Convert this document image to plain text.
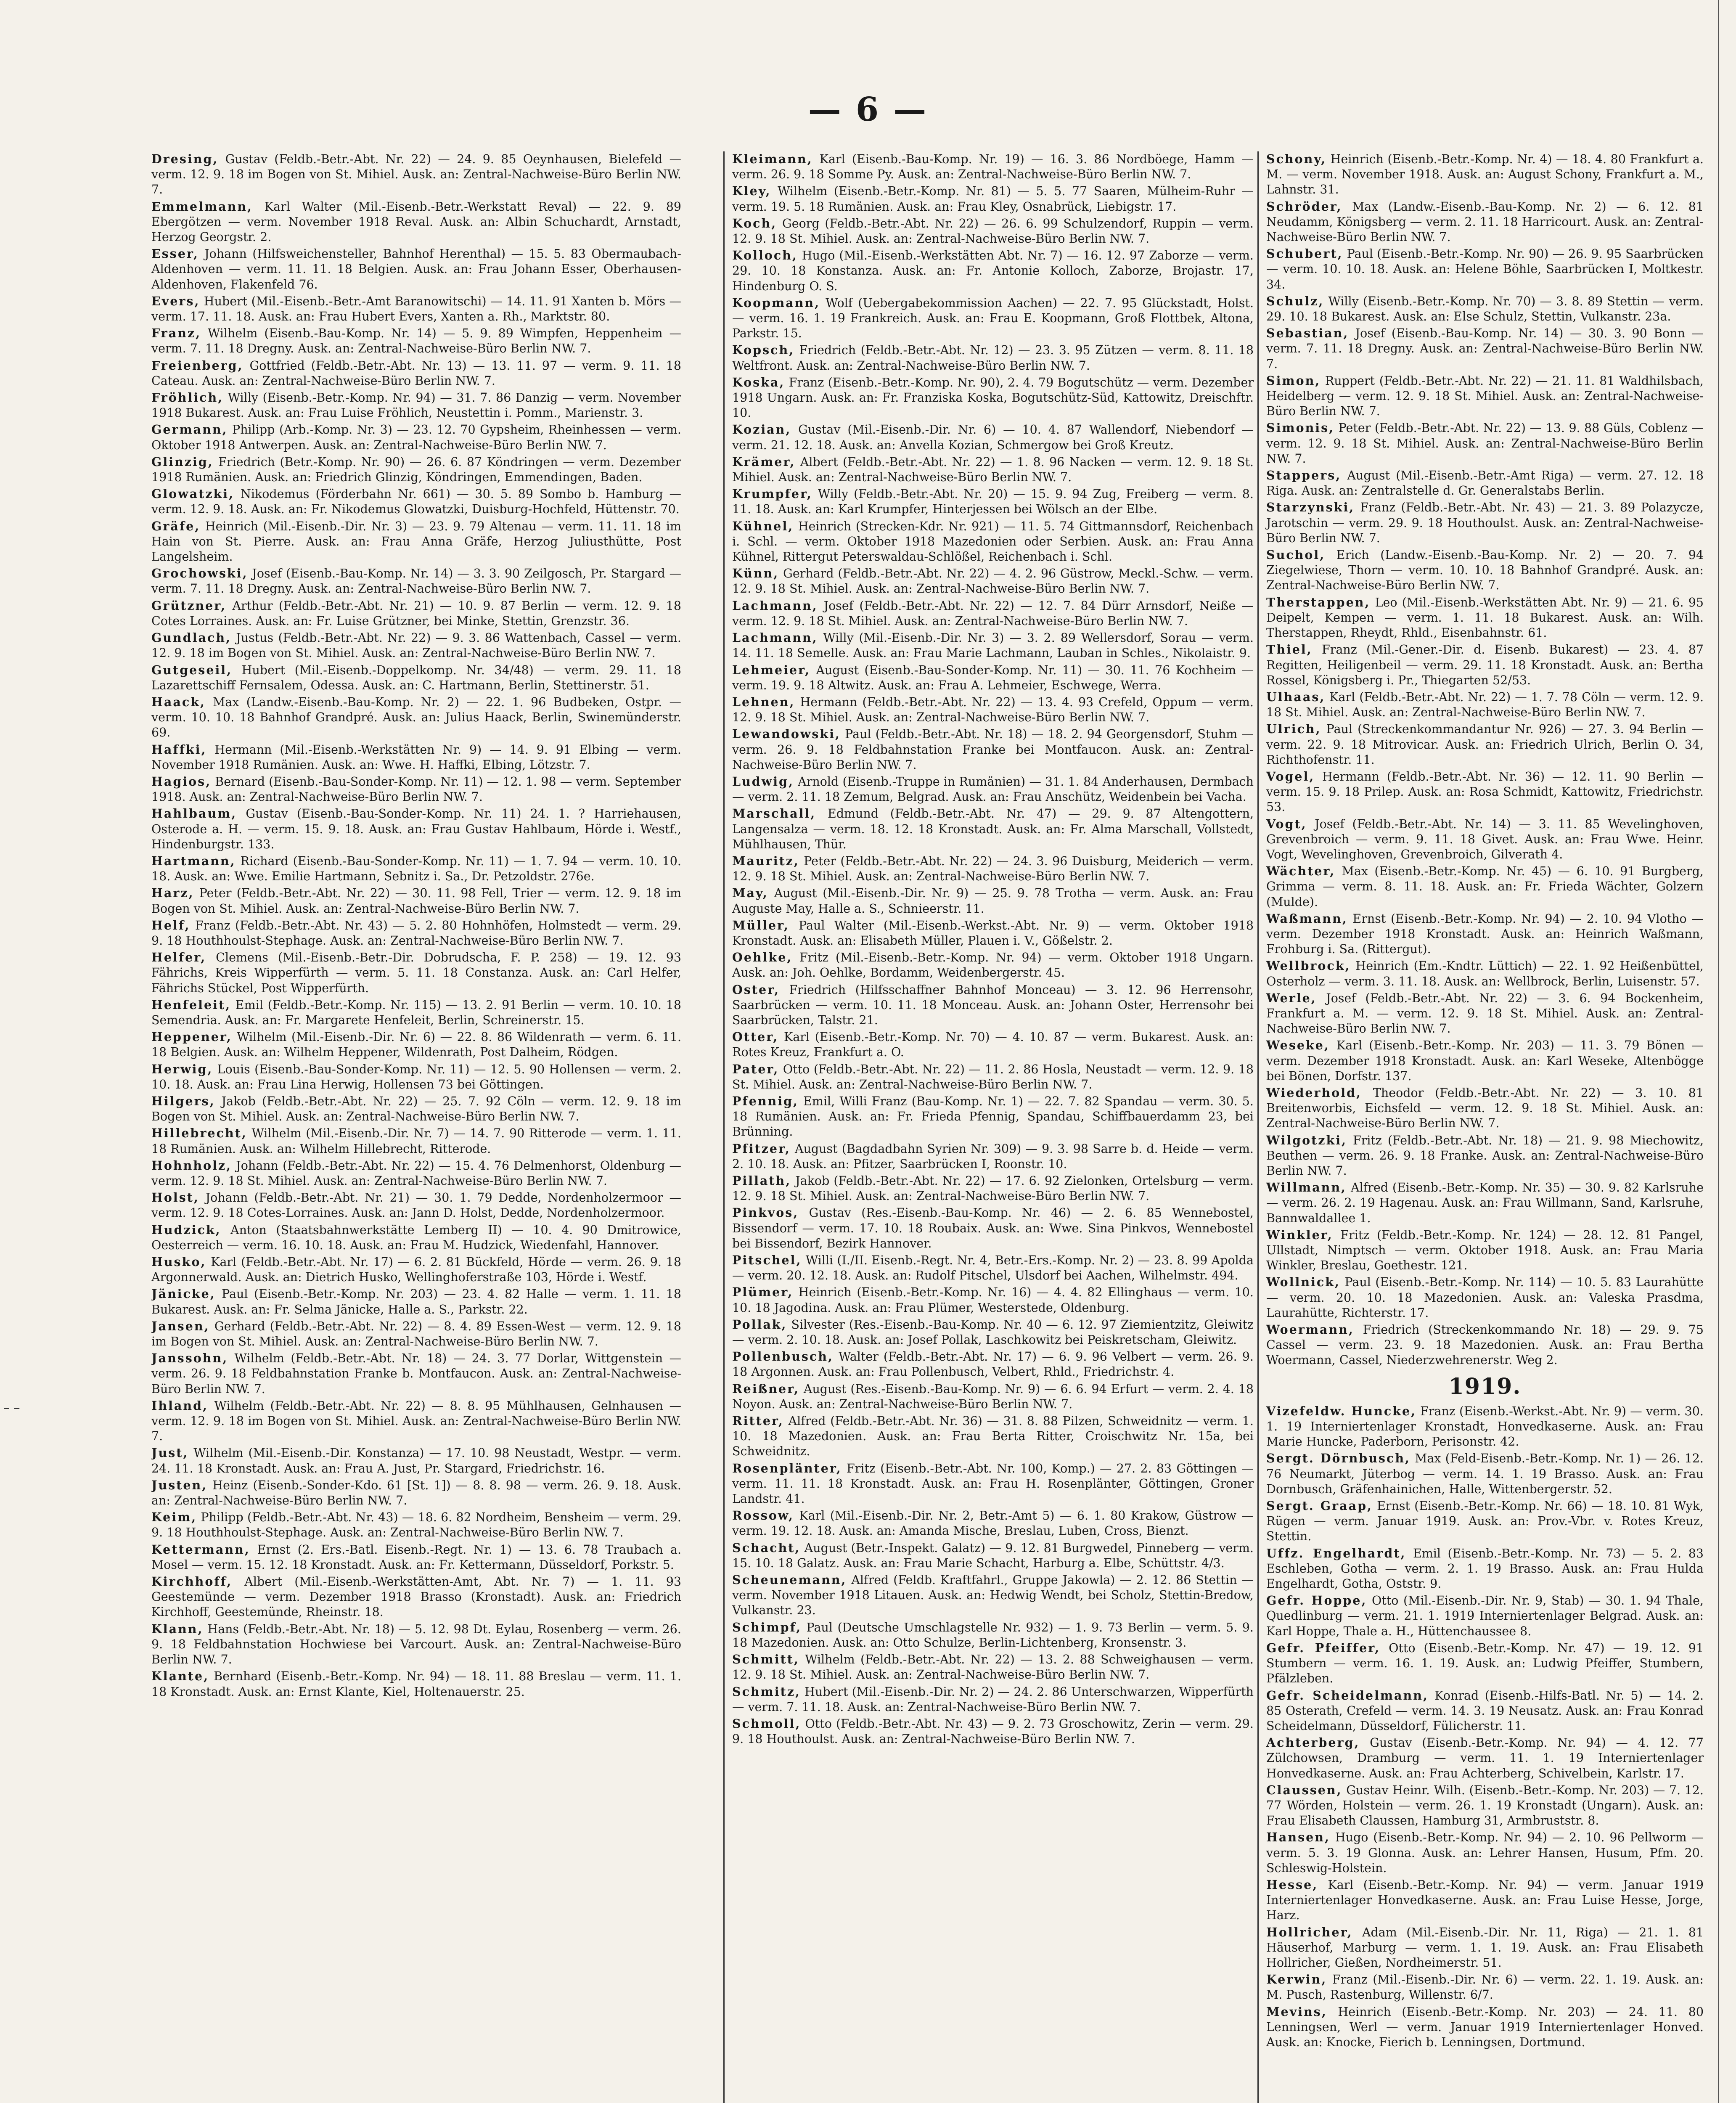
— 6 —

Dresing, Gustav (Feldb.-Betr.-Abt. Nr. 22) — 24. 9. 85 Oeynhausen, Bielefeld — verm. 12. 9. 18 im Bogen von St. Mihiel. Ausk. an: Zentral-Nachweise-Büro Berlin NW. 7.

Emmelmann, Karl Walter (Mil.-Eisenb.-Betr.-Werkstatt Reval) — 22. 9. 89 Ebergötzen — verm. November 1918 Reval. Ausk. an: Albin Schuchardt, Arnstadt, Herzog Georgstr. 2.

Esser, Johann (Hilfsweichensteller, Bahnhof Herenthal) — 15. 5. 83 Obermaubach-Aldenhoven — verm. 11. 11. 18 Belgien. Ausk. an: Frau Johann Esser, Oberhausen-Aldenhoven, Flakenfeld 76.

Evers, Hubert (Mil.-Eisenb.-Betr.-Amt Baranowitschi) — 14. 11. 91 Xanten b. Mörs — verm. 17. 11. 18. Ausk. an: Frau Hubert Evers, Xanten a. Rh., Marktstr. 80.

Franz, Wilhelm (Eisenb.-Bau-Komp. Nr. 14) — 5. 9. 89 Wimpfen, Heppenheim — verm. 7. 11. 18 Dregny. Ausk. an: Zentral-Nachweise-Büro Berlin NW. 7.

Freienberg, Gottfried (Feldb.-Betr.-Abt. Nr. 13) — 13. 11. 97 — verm. 9. 11. 18 Cateau. Ausk. an: Zentral-Nachweise-Büro Berlin NW. 7.

Fröhlich, Willy (Eisenb.-Betr.-Komp. Nr. 94) — 31. 7. 86 Danzig — verm. November 1918 Bukarest. Ausk. an: Frau Luise Fröhlich, Neustettin i. Pomm., Marienstr. 3.

Germann, Philipp (Arb.-Komp. Nr. 3) — 23. 12. 70 Gypsheim, Rheinhessen — verm. Oktober 1918 Antwerpen. Ausk. an: Zentral-Nachweise-Büro Berlin NW. 7.

Glinzig, Friedrich (Betr.-Komp. Nr. 90) — 26. 6. 87 Köndringen — verm. Dezember 1918 Rumänien. Ausk. an: Friedrich Glinzig, Köndringen, Emmendingen, Baden.

Glowatzki, Nikodemus (Förderbahn Nr. 661) — 30. 5. 89 Sombo b. Hamburg — verm. 12. 9. 18. Ausk. an: Fr. Nikodemus Glowatzki, Duisburg-Hochfeld, Hüttenstr. 70.

Gräfe, Heinrich (Mil.-Eisenb.-Dir. Nr. 3) — 23. 9. 79 Altenau — verm. 11. 11. 18 im Hain von St. Pierre. Ausk. an: Frau Anna Gräfe, Herzog Juliusthütte, Post Langelsheim.

Grochowski, Josef (Eisenb.-Bau-Komp. Nr. 14) — 3. 3. 90 Zeilgosch, Pr. Stargard — verm. 7. 11. 18 Dregny. Ausk. an: Zentral-Nachweise-Büro Berlin NW. 7.

Grützner, Arthur (Feldb.-Betr.-Abt. Nr. 21) — 10. 9. 87 Berlin — verm. 12. 9. 18 Cotes Lorraines. Ausk. an: Fr. Luise Grützner, bei Minke, Stettin, Grenzstr. 36.

Gundlach, Justus (Feldb.-Betr.-Abt. Nr. 22) — 9. 3. 86 Wattenbach, Cassel — verm. 12. 9. 18 im Bogen von St. Mihiel. Ausk. an: Zentral-Nachweise-Büro Berlin NW. 7.

Gutgeseil, Hubert (Mil.-Eisenb.-Doppelkomp. Nr. 34/48) — verm. 29. 11. 18 Lazarettschiff Fernsalem, Odessa. Ausk. an: C. Hartmann, Berlin, Stettinerstr. 51.

Haack, Max (Landw.-Eisenb.-Bau-Komp. Nr. 2) — 22. 1. 96 Budbeken, Ostpr. — verm. 10. 10. 18 Bahnhof Grandpré. Ausk. an: Julius Haack, Berlin, Swinemünderstr. 69.

Haffki, Hermann (Mil.-Eisenb.-Werkstätten Nr. 9) — 14. 9. 91 Elbing — verm. November 1918 Rumänien. Ausk. an: Wwe. H. Haffki, Elbing, Lötzstr. 7.

Hagios, Bernard (Eisenb.-Bau-Sonder-Komp. Nr. 11) — 12. 1. 98 — verm. September 1918. Ausk. an: Zentral-Nachweise-Büro Berlin NW. 7.

Hahlbaum, Gustav (Eisenb.-Bau-Sonder-Komp. Nr. 11) 24. 1. ? Harriehausen, Osterode a. H. — verm. 15. 9. 18. Ausk. an: Frau Gustav Hahlbaum, Hörde i. Westf., Hindenburgstr. 133.

Hartmann, Richard (Eisenb.-Bau-Sonder-Komp. Nr. 11) — 1. 7. 94 — verm. 10. 10. 18. Ausk. an: Wwe. Emilie Hartmann, Sebnitz i. Sa., Dr. Petzoldstr. 276e.

Harz, Peter (Feldb.-Betr.-Abt. Nr. 22) — 30. 11. 98 Fell, Trier — verm. 12. 9. 18 im Bogen von St. Mihiel. Ausk. an: Zentral-Nachweise-Büro Berlin NW. 7.

Helf, Franz (Feldb.-Betr.-Abt. Nr. 43) — 5. 2. 80 Hohnhöfen, Holmstedt — verm. 29. 9. 18 Houthhoulst-Stephage. Ausk. an: Zentral-Nachweise-Büro Berlin NW. 7.

Helfer, Clemens (Mil.-Eisenb.-Betr.-Dir. Dobrudscha, F. P. 258) — 19. 12. 93 Fährichs, Kreis Wipperfürth — verm. 5. 11. 18 Constanza. Ausk. an: Carl Helfer, Fährichs Stückel, Post Wipperfürth.

Henfeleit, Emil (Feldb.-Betr.-Komp. Nr. 115) — 13. 2. 91 Berlin — verm. 10. 10. 18 Semendria. Ausk. an: Fr. Margarete Henfeleit, Berlin, Schreinerstr. 15.

Heppener, Wilhelm (Mil.-Eisenb.-Dir. Nr. 6) — 22. 8. 86 Wildenrath — verm. 6. 11. 18 Belgien. Ausk. an: Wilhelm Heppener, Wildenrath, Post Dalheim, Rödgen.

Herwig, Louis (Eisenb.-Bau-Sonder-Komp. Nr. 11) — 12. 5. 90 Hollensen — verm. 2. 10. 18. Ausk. an: Frau Lina Herwig, Hollensen 73 bei Göttingen.

Hilgers, Jakob (Feldb.-Betr.-Abt. Nr. 22) — 25. 7. 92 Cöln — verm. 12. 9. 18 im Bogen von St. Mihiel. Ausk. an: Zentral-Nachweise-Büro Berlin NW. 7.

Hillebrecht, Wilhelm (Mil.-Eisenb.-Dir. Nr. 7) — 14. 7. 90 Ritterode — verm. 1. 11. 18 Rumänien. Ausk. an: Wilhelm Hillebrecht, Ritterode.

Hohnholz, Johann (Feldb.-Betr.-Abt. Nr. 22) — 15. 4. 76 Delmenhorst, Oldenburg — verm. 12. 9. 18 St. Mihiel. Ausk. an: Zentral-Nachweise-Büro Berlin NW. 7.

Holst, Johann (Feldb.-Betr.-Abt. Nr. 21) — 30. 1. 79 Dedde, Nordenholzermoor — verm. 12. 9. 18 Cotes-Lorraines. Ausk. an: Jann D. Holst, Dedde, Nordenholzermoor.

Hudzick, Anton (Staatsbahnwerkstätte Lemberg II) — 10. 4. 90 Dmitrowice, Oesterreich — verm. 16. 10. 18. Ausk. an: Frau M. Hudzick, Wiedenfahl, Hannover.

Husko, Karl (Feldb.-Betr.-Abt. Nr. 17) — 6. 2. 81 Bückfeld, Hörde — verm. 26. 9. 18 Argonnerwald. Ausk. an: Dietrich Husko, Wellinghoferstraße 103, Hörde i. Westf.

Jänicke, Paul (Eisenb.-Betr.-Komp. Nr. 203) — 23. 4. 82 Halle — verm. 1. 11. 18 Bukarest. Ausk. an: Fr. Selma Jänicke, Halle a. S., Parkstr. 22.

Jansen, Gerhard (Feldb.-Betr.-Abt. Nr. 22) — 8. 4. 89 Essen-West — verm. 12. 9. 18 im Bogen von St. Mihiel. Ausk. an: Zentral-Nachweise-Büro Berlin NW. 7.

Janssohn, Wilhelm (Feldb.-Betr.-Abt. Nr. 18) — 24. 3. 77 Dorlar, Wittgenstein — verm. 26. 9. 18 Feldbahnstation Franke b. Montfaucon. Ausk. an: Zentral-Nachweise-Büro Berlin NW. 7.

Ihland, Wilhelm (Feldb.-Betr.-Abt. Nr. 22) — 8. 8. 95 Mühlhausen, Gelnhausen — verm. 12. 9. 18 im Bogen von St. Mihiel. Ausk. an: Zentral-Nachweise-Büro Berlin NW. 7.

Just, Wilhelm (Mil.-Eisenb.-Dir. Konstanza) — 17. 10. 98 Neustadt, Westpr. — verm. 24. 11. 18 Kronstadt. Ausk. an: Frau A. Just, Pr. Stargard, Friedrichstr. 16.

Justen, Heinz (Eisenb.-Sonder-Kdo. 61 [St. 1]) — 8. 8. 98 — verm. 26. 9. 18. Ausk. an: Zentral-Nachweise-Büro Berlin NW. 7.

Keim, Philipp (Feldb.-Betr.-Abt. Nr. 43) — 18. 6. 82 Nordheim, Bensheim — verm. 29. 9. 18 Houthhoulst-Stephage. Ausk. an: Zentral-Nachweise-Büro Berlin NW. 7.

Kettermann, Ernst (2. Ers.-Batl. Eisenb.-Regt. Nr. 1) — 13. 6. 78 Traubach a. Mosel — verm. 15. 12. 18 Kronstadt. Ausk. an: Fr. Kettermann, Düsseldorf, Porkstr. 5.

Kirchhoff, Albert (Mil.-Eisenb.-Werkstätten-Amt, Abt. Nr. 7) — 1. 11. 93 Geestemünde — verm. Dezember 1918 Brasso (Kronstadt). Ausk. an: Friedrich Kirchhoff, Geestemünde, Rheinstr. 18.

Klann, Hans (Feldb.-Betr.-Abt. Nr. 18) — 5. 12. 98 Dt. Eylau, Rosenberg — verm. 26. 9. 18 Feldbahnstation Hochwiese bei Varcourt. Ausk. an: Zentral-Nachweise-Büro Berlin NW. 7.

Klante, Bernhard (Eisenb.-Betr.-Komp. Nr. 94) — 18. 11. 88 Breslau — verm. 11. 1. 18 Kronstadt. Ausk. an: Ernst Klante, Kiel, Holtenauerstr. 25.

Kleimann, Karl (Eisenb.-Bau-Komp. Nr. 19) — 16. 3. 86 Nordböege, Hamm — verm. 26. 9. 18 Somme Py. Ausk. an: Zentral-Nachweise-Büro Berlin NW. 7.

Kley, Wilhelm (Eisenb.-Betr.-Komp. Nr. 81) — 5. 5. 77 Saaren, Mülheim-Ruhr — verm. 19. 5. 18 Rumänien. Ausk. an: Frau Kley, Osnabrück, Liebigstr. 17.

Koch, Georg (Feldb.-Betr.-Abt. Nr. 22) — 26. 6. 99 Schulzendorf, Ruppin — verm. 12. 9. 18 St. Mihiel. Ausk. an: Zentral-Nachweise-Büro Berlin NW. 7.

Kolloch, Hugo (Mil.-Eisenb.-Werkstätten Abt. Nr. 7) — 16. 12. 97 Zaborze — verm. 29. 10. 18 Konstanza. Ausk. an: Fr. Antonie Kolloch, Zaborze, Brojastr. 17, Hindenburg O. S.

Koopmann, Wolf (Uebergabekommission Aachen) — 22. 7. 95 Glückstadt, Holst. — verm. 16. 1. 19 Frankreich. Ausk. an: Frau E. Koopmann, Groß Flottbek, Altona, Parkstr. 15.

Kopsch, Friedrich (Feldb.-Betr.-Abt. Nr. 12) — 23. 3. 95 Zützen — verm. 8. 11. 18 Weltfront. Ausk. an: Zentral-Nachweise-Büro Berlin NW. 7.

Koska, Franz (Eisenb.-Betr.-Komp. Nr. 90), 2. 4. 79 Bogutschütz — verm. Dezember 1918 Ungarn. Ausk. an: Fr. Franziska Koska, Bogutschütz-Süd, Kattowitz, Dreischftr. 10.

Kozian, Gustav (Mil.-Eisenb.-Dir. Nr. 6) — 10. 4. 87 Wallendorf, Niebendorf — verm. 21. 12. 18. Ausk. an: Anvella Kozian, Schmergow bei Groß Kreutz.

Krämer, Albert (Feldb.-Betr.-Abt. Nr. 22) — 1. 8. 96 Nacken — verm. 12. 9. 18 St. Mihiel. Ausk. an: Zentral-Nachweise-Büro Berlin NW. 7.

Krumpfer, Willy (Feldb.-Betr.-Abt. Nr. 20) — 15. 9. 94 Zug, Freiberg — verm. 8. 11. 18. Ausk. an: Karl Krumpfer, Hinterjessen bei Wölsch an der Elbe.

Kühnel, Heinrich (Strecken-Kdr. Nr. 921) — 11. 5. 74 Gittmannsdorf, Reichenbach i. Schl. — verm. Oktober 1918 Mazedonien oder Serbien. Ausk. an: Frau Anna Kühnel, Rittergut Peterswaldau-Schlößel, Reichenbach i. Schl.

Künn, Gerhard (Feldb.-Betr.-Abt. Nr. 22) — 4. 2. 96 Güstrow, Meckl.-Schw. — verm. 12. 9. 18 St. Mihiel. Ausk. an: Zentral-Nachweise-Büro Berlin NW. 7.

Lachmann, Josef (Feldb.-Betr.-Abt. Nr. 22) — 12. 7. 84 Dürr Arnsdorf, Neiße — verm. 12. 9. 18 St. Mihiel. Ausk. an: Zentral-Nachweise-Büro Berlin NW. 7.

Lachmann, Willy (Mil.-Eisenb.-Dir. Nr. 3) — 3. 2. 89 Wellersdorf, Sorau — verm. 14. 11. 18 Semelle. Ausk. an: Frau Marie Lachmann, Lauban in Schles., Nikolaistr. 9.

Lehmeier, August (Eisenb.-Bau-Sonder-Komp. Nr. 11) — 30. 11. 76 Kochheim — verm. 19. 9. 18 Altwitz. Ausk. an: Frau A. Lehmeier, Eschwege, Werra.

Lehnen, Hermann (Feldb.-Betr.-Abt. Nr. 22) — 13. 4. 93 Crefeld, Oppum — verm. 12. 9. 18 St. Mihiel. Ausk. an: Zentral-Nachweise-Büro Berlin NW. 7.

Lewandowski, Paul (Feldb.-Betr.-Abt. Nr. 18) — 18. 2. 94 Georgensdorf, Stuhm — verm. 26. 9. 18 Feldbahnstation Franke bei Montfaucon. Ausk. an: Zentral-Nachweise-Büro Berlin NW. 7.

Ludwig, Arnold (Eisenb.-Truppe in Rumänien) — 31. 1. 84 Anderhausen, Dermbach — verm. 2. 11. 18 Zemum, Belgrad. Ausk. an: Frau Anschütz, Weidenbein bei Vacha.

Marschall, Edmund (Feldb.-Betr.-Abt. Nr. 47) — 29. 9. 87 Altengottern, Langensalza — verm. 18. 12. 18 Kronstadt. Ausk. an: Fr. Alma Marschall, Vollstedt, Mühlhausen, Thür.

Mauritz, Peter (Feldb.-Betr.-Abt. Nr. 22) — 24. 3. 96 Duisburg, Meiderich — verm. 12. 9. 18 St. Mihiel. Ausk. an: Zentral-Nachweise-Büro Berlin NW. 7.

May, August (Mil.-Eisenb.-Dir. Nr. 9) — 25. 9. 78 Trotha — verm. Ausk. an: Frau Auguste May, Halle a. S., Schnieerstr. 11.

Müller, Paul Walter (Mil.-Eisenb.-Werkst.-Abt. Nr. 9) — verm. Oktober 1918 Kronstadt. Ausk. an: Elisabeth Müller, Plauen i. V., Gößelstr. 2.

Oehlke, Fritz (Mil.-Eisenb.-Betr.-Komp. Nr. 94) — verm. Oktober 1918 Ungarn. Ausk. an: Joh. Oehlke, Bordamm, Weidenbergerstr. 45.

Oster, Friedrich (Hilfsschaffner Bahnhof Monceau) — 3. 12. 96 Herrensohr, Saarbrücken — verm. 10. 11. 18 Monceau. Ausk. an: Johann Oster, Herrensohr bei Saarbrücken, Talstr. 21.

Otter, Karl (Eisenb.-Betr.-Komp. Nr. 70) — 4. 10. 87 — verm. Bukarest. Ausk. an: Rotes Kreuz, Frankfurt a. O.

Pater, Otto (Feldb.-Betr.-Abt. Nr. 22) — 11. 2. 86 Hosla, Neustadt — verm. 12. 9. 18 St. Mihiel. Ausk. an: Zentral-Nachweise-Büro Berlin NW. 7.

Pfennig, Emil, Willi Franz (Bau-Komp. Nr. 1) — 22. 7. 82 Spandau — verm. 30. 5. 18 Rumänien. Ausk. an: Fr. Frieda Pfennig, Spandau, Schiffbauerdamm 23, bei Brünning.

Pfitzer, August (Bagdadbahn Syrien Nr. 309) — 9. 3. 98 Sarre b. d. Heide — verm. 2. 10. 18. Ausk. an: Pfitzer, Saarbrücken I, Roonstr. 10.

Pillath, Jakob (Feldb.-Betr.-Abt. Nr. 22) — 17. 6. 92 Zielonken, Ortelsburg — verm. 12. 9. 18 St. Mihiel. Ausk. an: Zentral-Nachweise-Büro Berlin NW. 7.

Pinkvos, Gustav (Res.-Eisenb.-Bau-Komp. Nr. 46) — 2. 6. 85 Wennebostel, Bissendorf — verm. 17. 10. 18 Roubaix. Ausk. an: Wwe. Sina Pinkvos, Wennebostel bei Bissendorf, Bezirk Hannover.

Pitschel, Willi (I./II. Eisenb.-Regt. Nr. 4, Betr.-Ers.-Komp. Nr. 2) — 23. 8. 99 Apolda — verm. 20. 12. 18. Ausk. an: Rudolf Pitschel, Ulsdorf bei Aachen, Wilhelmstr. 494.

Plümer, Heinrich (Eisenb.-Betr.-Komp. Nr. 16) — 4. 4. 82 Ellinghaus — verm. 10. 10. 18 Jagodina. Ausk. an: Frau Plümer, Westerstede, Oldenburg.

Pollak, Silvester (Res.-Eisenb.-Bau-Komp. Nr. 40 — 6. 12. 97 Ziemientzitz, Gleiwitz — verm. 2. 10. 18. Ausk. an: Josef Pollak, Laschkowitz bei Peiskretscham, Gleiwitz.

Pollenbusch, Walter (Feldb.-Betr.-Abt. Nr. 17) — 6. 9. 96 Velbert — verm. 26. 9. 18 Argonnen. Ausk. an: Frau Pollenbusch, Velbert, Rhld., Friedrichstr. 4.

Reißner, August (Res.-Eisenb.-Bau-Komp. Nr. 9) — 6. 6. 94 Erfurt — verm. 2. 4. 18 Noyon. Ausk. an: Zentral-Nachweise-Büro Berlin NW. 7.

Ritter, Alfred (Feldb.-Betr.-Abt. Nr. 36) — 31. 8. 88 Pilzen, Schweidnitz — verm. 1. 10. 18 Mazedonien. Ausk. an: Frau Berta Ritter, Croischwitz Nr. 15a, bei Schweidnitz.

Rosenplänter, Fritz (Eisenb.-Betr.-Abt. Nr. 100, Komp.) — 27. 2. 83 Göttingen — verm. 11. 11. 18 Kronstadt. Ausk. an: Frau H. Rosenplänter, Göttingen, Groner Landstr. 41.

Rossow, Karl (Mil.-Eisenb.-Dir. Nr. 2, Betr.-Amt 5) — 6. 1. 80 Krakow, Güstrow — verm. 19. 12. 18. Ausk. an: Amanda Mische, Breslau, Luben, Cross, Bienzt.

Schacht, August (Betr.-Inspekt. Galatz) — 9. 12. 81 Burgwedel, Pinneberg — verm. 15. 10. 18 Galatz. Ausk. an: Frau Marie Schacht, Harburg a. Elbe, Schüttstr. 4/3.

Scheunemann, Alfred (Feldb. Kraftfahrl., Gruppe Jakowla) — 2. 12. 86 Stettin — verm. November 1918 Litauen. Ausk. an: Hedwig Wendt, bei Scholz, Stettin-Bredow, Vulkanstr. 23.

Schimpf, Paul (Deutsche Umschlagstelle Nr. 932) — 1. 9. 73 Berlin — verm. 5. 9. 18 Mazedonien. Ausk. an: Otto Schulze, Berlin-Lichtenberg, Kronsenstr. 3.

Schmitt, Wilhelm (Feldb.-Betr.-Abt. Nr. 22) — 13. 2. 88 Schweighausen — verm. 12. 9. 18 St. Mihiel. Ausk. an: Zentral-Nachweise-Büro Berlin NW. 7.

Schmitz, Hubert (Mil.-Eisenb.-Dir. Nr. 2) — 24. 2. 86 Unterschwarzen, Wipperfürth — verm. 7. 11. 18. Ausk. an: Zentral-Nachweise-Büro Berlin NW. 7.

Schmoll, Otto (Feldb.-Betr.-Abt. Nr. 43) — 9. 2. 73 Groschowitz, Zerin — verm. 29. 9. 18 Houthoulst. Ausk. an: Zentral-Nachweise-Büro Berlin NW. 7.

Schony, Heinrich (Eisenb.-Betr.-Komp. Nr. 4) — 18. 4. 80 Frankfurt a. M. — verm. November 1918. Ausk. an: August Schony, Frankfurt a. M., Lahnstr. 31.

Schröder, Max (Landw.-Eisenb.-Bau-Komp. Nr. 2) — 6. 12. 81 Neudamm, Königsberg — verm. 2. 11. 18 Harricourt. Ausk. an: Zentral-Nachweise-Büro Berlin NW. 7.

Schubert, Paul (Eisenb.-Betr.-Komp. Nr. 90) — 26. 9. 95 Saarbrücken — verm. 10. 10. 18. Ausk. an: Helene Böhle, Saarbrücken I, Moltkestr. 34.

Schulz, Willy (Eisenb.-Betr.-Komp. Nr. 70) — 3. 8. 89 Stettin — verm. 29. 10. 18 Bukarest. Ausk. an: Else Schulz, Stettin, Vulkanstr. 23a.

Sebastian, Josef (Eisenb.-Bau-Komp. Nr. 14) — 30. 3. 90 Bonn — verm. 7. 11. 18 Dregny. Ausk. an: Zentral-Nachweise-Büro Berlin NW. 7.

Simon, Ruppert (Feldb.-Betr.-Abt. Nr. 22) — 21. 11. 81 Waldhilsbach, Heidelberg — verm. 12. 9. 18 St. Mihiel. Ausk. an: Zentral-Nachweise-Büro Berlin NW. 7.

Simonis, Peter (Feldb.-Betr.-Abt. Nr. 22) — 13. 9. 88 Güls, Coblenz — verm. 12. 9. 18 St. Mihiel. Ausk. an: Zentral-Nachweise-Büro Berlin NW. 7.

Stappers, August (Mil.-Eisenb.-Betr.-Amt Riga) — verm. 27. 12. 18 Riga. Ausk. an: Zentralstelle d. Gr. Generalstabs Berlin.

Starzynski, Franz (Feldb.-Betr.-Abt. Nr. 43) — 21. 3. 89 Polazycze, Jarotschin — verm. 29. 9. 18 Houthoulst. Ausk. an: Zentral-Nachweise-Büro Berlin NW. 7.

Suchol, Erich (Landw.-Eisenb.-Bau-Komp. Nr. 2) — 20. 7. 94 Ziegelwiese, Thorn — verm. 10. 10. 18 Bahnhof Grandpré. Ausk. an: Zentral-Nachweise-Büro Berlin NW. 7.

Therstappen, Leo (Mil.-Eisenb.-Werkstätten Abt. Nr. 9) — 21. 6. 95 Deipelt, Kempen — verm. 1. 11. 18 Bukarest. Ausk. an: Wilh. Therstappen, Rheydt, Rhld., Eisenbahnstr. 61.

Thiel, Franz (Mil.-Gener.-Dir. d. Eisenb. Bukarest) — 23. 4. 87 Regitten, Heiligenbeil — verm. 29. 11. 18 Kronstadt. Ausk. an: Bertha Rossel, Königsberg i. Pr., Thiegarten 52/53.

Ulhaas, Karl (Feldb.-Betr.-Abt. Nr. 22) — 1. 7. 78 Cöln — verm. 12. 9. 18 St. Mihiel. Ausk. an: Zentral-Nachweise-Büro Berlin NW. 7.

Ulrich, Paul (Streckenkommandantur Nr. 926) — 27. 3. 94 Berlin — verm. 22. 9. 18 Mitrovicar. Ausk. an: Friedrich Ulrich, Berlin O. 34, Richthofenstr. 11.

Vogel, Hermann (Feldb.-Betr.-Abt. Nr. 36) — 12. 11. 90 Berlin — verm. 15. 9. 18 Prilep. Ausk. an: Rosa Schmidt, Kattowitz, Friedrichstr. 53.

Vogt, Josef (Feldb.-Betr.-Abt. Nr. 14) — 3. 11. 85 Wevelinghoven, Grevenbroich — verm. 9. 11. 18 Givet. Ausk. an: Frau Wwe. Heinr. Vogt, Wevelinghoven, Grevenbroich, Gilverath 4.

Wächter, Max (Eisenb.-Betr.-Komp. Nr. 45) — 6. 10. 91 Burgberg, Grimma — verm. 8. 11. 18. Ausk. an: Fr. Frieda Wächter, Golzern (Mulde).

Waßmann, Ernst (Eisenb.-Betr.-Komp. Nr. 94) — 2. 10. 94 Vlotho — verm. Dezember 1918 Kronstadt. Ausk. an: Heinrich Waßmann, Frohburg i. Sa. (Rittergut).

Wellbrock, Heinrich (Em.-Kndtr. Lüttich) — 22. 1. 92 Heißenbüttel, Osterholz — verm. 3. 11. 18. Ausk. an: Wellbrock, Berlin, Luisenstr. 57.

Werle, Josef (Feldb.-Betr.-Abt. Nr. 22) — 3. 6. 94 Bockenheim, Frankfurt a. M. — verm. 12. 9. 18 St. Mihiel. Ausk. an: Zentral-Nachweise-Büro Berlin NW. 7.

Weseke, Karl (Eisenb.-Betr.-Komp. Nr. 203) — 11. 3. 79 Bönen — verm. Dezember 1918 Kronstadt. Ausk. an: Karl Weseke, Altenbögge bei Bönen, Dorfstr. 137.

Wiederhold, Theodor (Feldb.-Betr.-Abt. Nr. 22) — 3. 10. 81 Breitenworbis, Eichsfeld — verm. 12. 9. 18 St. Mihiel. Ausk. an: Zentral-Nachweise-Büro Berlin NW. 7.

Wilgotzki, Fritz (Feldb.-Betr.-Abt. Nr. 18) — 21. 9. 98 Miechowitz, Beuthen — verm. 26. 9. 18 Franke. Ausk. an: Zentral-Nachweise-Büro Berlin NW. 7.

Willmann, Alfred (Eisenb.-Betr.-Komp. Nr. 35) — 30. 9. 82 Karlsruhe — verm. 26. 2. 19 Hagenau. Ausk. an: Frau Willmann, Sand, Karlsruhe, Bannwaldallee 1.

Winkler, Fritz (Feldb.-Betr.-Komp. Nr. 124) — 28. 12. 81 Pangel, Ullstadt, Nimptsch — verm. Oktober 1918. Ausk. an: Frau Maria Winkler, Breslau, Goethestr. 121.

Wollnick, Paul (Eisenb.-Betr.-Komp. Nr. 114) — 10. 5. 83 Laurahütte — verm. 20. 10. 18 Mazedonien. Ausk. an: Valeska Prasdma, Laurahütte, Richterstr. 17.

Woermann, Friedrich (Streckenkommando Nr. 18) — 29. 9. 75 Cassel — verm. 23. 9. 18 Mazedonien. Ausk. an: Frau Bertha Woermann, Cassel, Niederzwehrenerstr. Weg 2.

1919.

Vizefeldw. Huncke, Franz (Eisenb.-Werkst.-Abt. Nr. 9) — verm. 30. 1. 19 Interniertenlager Kronstadt, Honvedkaserne. Ausk. an: Frau Marie Huncke, Paderborn, Perisonstr. 42.

Sergt. Dörnbusch, Max (Feld-Eisenb.-Betr.-Komp. Nr. 1) — 26. 12. 76 Neumarkt, Jüterbog — verm. 14. 1. 19 Brasso. Ausk. an: Frau Dornbusch, Gräfenhainichen, Halle, Wittenbergerstr. 52.

Sergt. Graap, Ernst (Eisenb.-Betr.-Komp. Nr. 66) — 18. 10. 81 Wyk, Rügen — verm. Januar 1919. Ausk. an: Prov.-Vbr. v. Rotes Kreuz, Stettin.

Uffz. Engelhardt, Emil (Eisenb.-Betr.-Komp. Nr. 73) — 5. 2. 83 Eschleben, Gotha — verm. 2. 1. 19 Brasso. Ausk. an: Frau Hulda Engelhardt, Gotha, Oststr. 9.

Gefr. Hoppe, Otto (Mil.-Eisenb.-Dir. Nr. 9, Stab) — 30. 1. 94 Thale, Quedlinburg — verm. 21. 1. 1919 Interniertenlager Belgrad. Ausk. an: Karl Hoppe, Thale a. H., Hüttenchaussee 8.

Gefr. Pfeiffer, Otto (Eisenb.-Betr.-Komp. Nr. 47) — 19. 12. 91 Stumbern — verm. 16. 1. 19. Ausk. an: Ludwig Pfeiffer, Stumbern, Pfälzleben.

Gefr. Scheidelmann, Konrad (Eisenb.-Hilfs-Batl. Nr. 5) — 14. 2. 85 Osterath, Crefeld — verm. 14. 3. 19 Neusatz. Ausk. an: Frau Konrad Scheidelmann, Düsseldorf, Fülicherstr. 11.

Achterberg, Gustav (Eisenb.-Betr.-Komp. Nr. 94) — 4. 12. 77 Zülchowsen, Dramburg — verm. 11. 1. 19 Interniertenlager Honvedkaserne. Ausk. an: Frau Achterberg, Schivelbein, Karlstr. 17.

Claussen, Gustav Heinr. Wilh. (Eisenb.-Betr.-Komp. Nr. 203) — 7. 12. 77 Wörden, Holstein — verm. 26. 1. 19 Kronstadt (Ungarn). Ausk. an: Frau Elisabeth Claussen, Hamburg 31, Armbruststr. 8.

Hansen, Hugo (Eisenb.-Betr.-Komp. Nr. 94) — 2. 10. 96 Pellworm — verm. 5. 3. 19 Glonna. Ausk. an: Lehrer Hansen, Husum, Pfm. 20. Schleswig-Holstein.

Hesse, Karl (Eisenb.-Betr.-Komp. Nr. 94) — verm. Januar 1919 Interniertenlager Honvedkaserne. Ausk. an: Frau Luise Hesse, Jorge, Harz.

Hollricher, Adam (Mil.-Eisenb.-Dir. Nr. 11, Riga) — 21. 1. 81 Häuserhof, Marburg — verm. 1. 1. 19. Ausk. an: Frau Elisabeth Hollricher, Gießen, Nordheimerstr. 51.

Kerwin, Franz (Mil.-Eisenb.-Dir. Nr. 6) — verm. 22. 1. 19. Ausk. an: M. Pusch, Rastenburg, Willenstr. 6/7.

Mevins, Heinrich (Eisenb.-Betr.-Komp. Nr. 203) — 24. 11. 80 Lenningsen, Werl — verm. Januar 1919 Interniertenlager Honved. Ausk. an: Knocke, Fierich b. Lenningsen, Dortmund.

– –
